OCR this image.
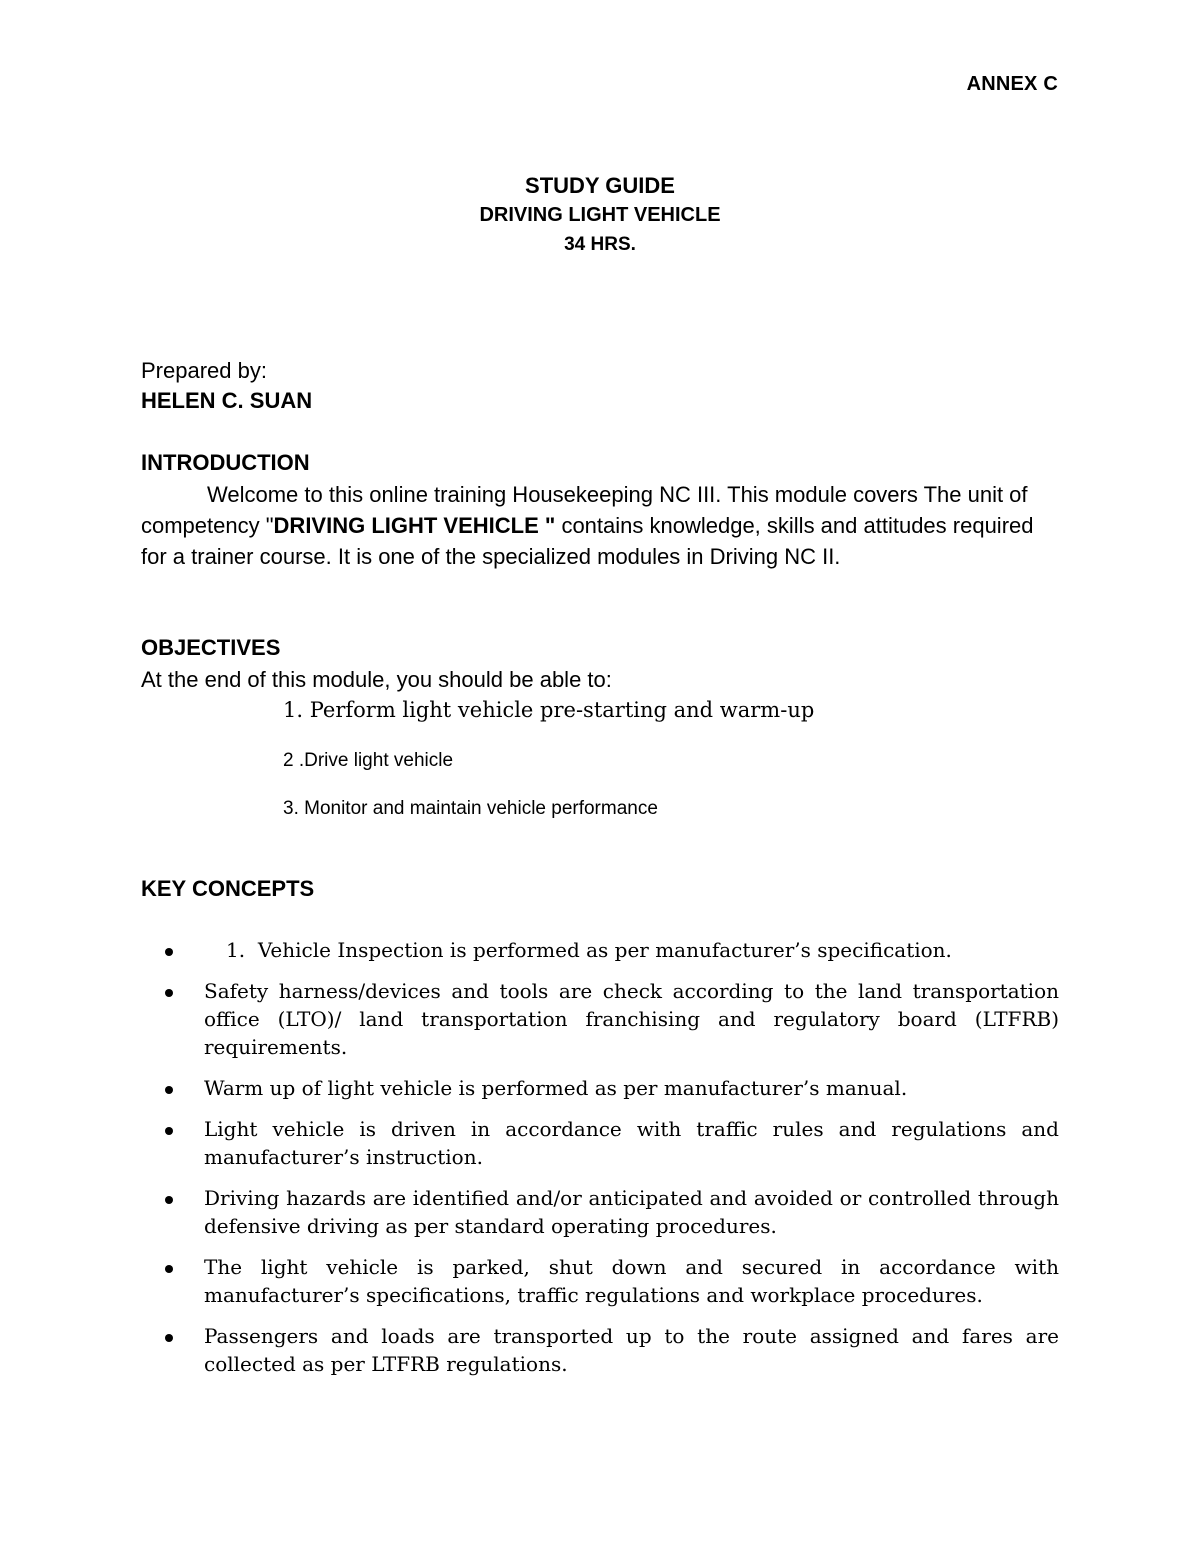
ANNEX C
STUDY GUIDE
DRIVING LIGHT VEHICLE
34 HRS.
Prepared by:
HELEN C. SUAN
INTRODUCTION
Welcome to this online training Housekeeping NC III. This module covers The unit of competency "DRIVING LIGHT VEHICLE " contains knowledge, skills and attitudes required for a trainer course. It is one of the specialized modules in Driving NC II.
OBJECTIVES
At the end of this module, you should be able to:
1. Perform light vehicle pre-starting and warm-up
2 .Drive light vehicle
3. Monitor and maintain vehicle performance
KEY CONCEPTS
1. Vehicle Inspection is performed as per manufacturer’s specification.
Safety harness/devices and tools are check according to the land transportation office (LTO)/ land transportation franchising and regulatory board (LTFRB) requirements.
Warm up of light vehicle is performed as per manufacturer’s manual.
Light vehicle is driven in accordance with traffic rules and regulations and manufacturer’s instruction.
Driving hazards are identified and/or anticipated and avoided or controlled through defensive driving as per standard operating procedures.
The light vehicle is parked, shut down and secured in accordance with manufacturer’s specifications, traffic regulations and workplace procedures.
Passengers and loads are transported up to the route assigned and fares are collected as per LTFRB regulations.
